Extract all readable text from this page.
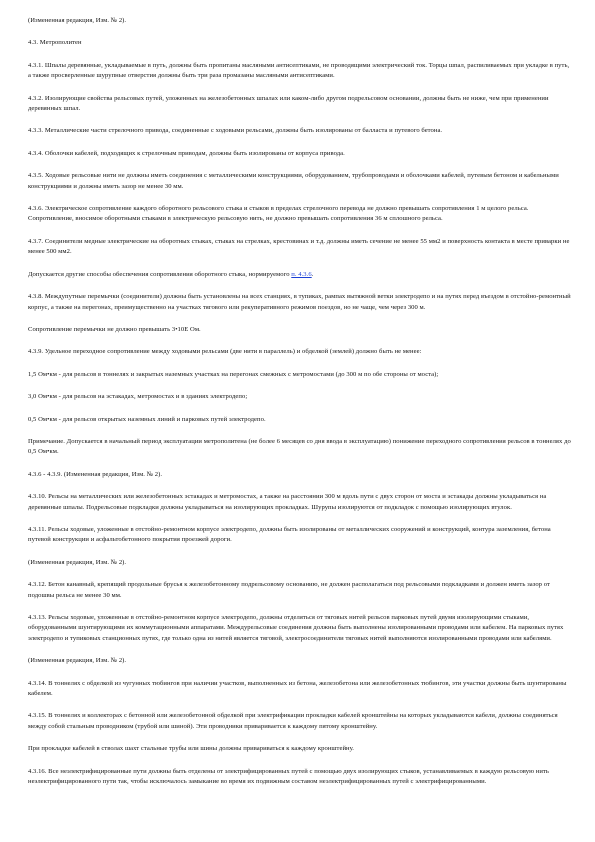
(Измененная редакция, Изм. № 2).

4.3. Метрополитен

4.3.1. Шпалы деревянные, укладываемые в путь, должны быть пропитаны масляными антисептиками, не проводящими электрический ток. Торцы шпал, распиливаемых при укладке в путь, а также просверленные шурупные отверстия должны быть три раза промазаны масляными антисептиками.

4.3.2. Изолирующие свойства рельсовых путей, уложенных на железобетонных шпалах или каком-либо другом подрельсовом основании, должны быть не ниже, чем при применении деревянных шпал.

4.3.3. Металлические части стрелочного привода, соединенные с ходовыми рельсами, должны быть изолированы от балласта и путевого бетона.

4.3.4. Оболочки кабелей, подходящих к стрелочным приводам, должны быть изолированы от корпуса привода.

4.3.5. Ходовые рельсовые нити не должны иметь соединения с металлическими конструкциями, оборудованием, трубопроводами и оболочками кабелей, путевым бетоном и кабельными конструкциями и должны иметь зазор не менее 30 мм.

4.3.6. Электрическое сопротивление каждого оборотного рельсового стыка и стыков в пределах стрелочного перевода не должно превышать сопротивления 1 м целого рельса. Сопротивление, вносимое оборотными стыками в электрическую рельсовую нить, не должно превышать сопротивления 36 м сплошного рельса.

4.3.7. Соединители медные электрические на оборотных стыках, стыках на стрелках, крестовинах и т.д. должны иметь сечение не менее 55 мм2 и поверхность контакта в месте приварки не менее 500 мм2.

Допускается другие способы обеспечения сопротивления оборотного стыка, нормируемого п. 4.3.6.

4.3.8. Междупутные перемычки (соединители) должны быть установлены на всех станциях, в тупиках, рампах вытяжной ветки электродепо и на путях перед въездом в отстойно-ремонтный корпус, а также на перегонах, преимущественно на участках тягового или рекуперативного режимов поездов, но не чаще, чем через 300 м.

Сопротивление перемычки не должно превышать 3•10Е Ом.

4.3.9. Удельное переходное сопротивление между ходовыми рельсами (две нити в параллель) и обделкой (землей) должно быть не менее:

1,5 Ом•км - для рельсов в тоннелях и закрытых наземных участках на перегонах смежных с метромостами (до 300 м по обе стороны от моста);

3,0 Ом•км - для рельсов на эстакадах, метромостах и в зданиях электродепо;

0,5 Ом•км - для рельсов открытых наземных линий и парковых путей электродепо.

Примечание. Допускается в начальный период эксплуатации метрополитена (не более 6 месяцев со дня ввода в эксплуатацию) понижение переходного сопротивления рельсов в тоннелях до 0,5 Ом•км.

4.3.6 - 4.3.9. (Измененная редакция, Изм. № 2).

4.3.10. Рельсы на металлических или железобетонных эстакадах и метромостах, а также на расстоянии 300 м вдоль пути с двух сторон от моста и эстакады должны укладываться на деревянные шпалы. Подрельсовые подкладки должны укладываться на изолирующих прокладках. Шурупы изолируются от подкладок с помощью изолирующих втулок.

4.3.11. Рельсы ходовые, уложенные в отстойно-ремонтном корпусе электродепо, должны быть изолированы от металлических сооружений и конструкций, контура заземления, бетона путевой конструкции и асфальтобетонного покрытия проезжей дороги.

(Измененная редакция, Изм. № 2).

4.3.12. Бетон канавный, крепящий продольные брусья к железобетонному подрельсовому основанию, не должен располагаться под рельсовыми подкладками и должен иметь зазор от подошвы рельса не менее 30 мм.

4.3.13. Рельсы ходовые, уложенные в отстойно-ремонтном корпусе электродепо, должны отделяться от тяговых нитей рельсов парковых путей двумя изолирующими стыками, оборудованными шунтирующими их коммутационными аппаратами. Междурельсовые соединения должны быть выполнены изолированными проводами или кабелем. На парковых путях электродепо и тупиковых станционных путях, где только одна из нитей является тяговой, электросоединители тяговых нитей выполняются изолированными проводами или кабелями.

(Измененная редакция, Изм. № 2).

4.3.14. В тоннелях с обделкой из чугунных тюбингов при наличии участков, выполненных из бетона, железобетона или железобетонных тюбингов, эти участки должны быть шунтированы кабелем.

4.3.15. В тоннелях и коллекторах с бетонной или железобетонной обделкой при электрификации прокладки кабелей кронштейны на которых укладываются кабели, должны соединяться между собой стальным проводником (трубой или шиной). Эти проводники приваривается к каждому пятому кронштейну.

При прокладке кабелей в стволах шахт стальные трубы или шины должны привариваться к каждому кронштейну.

4.3.16. Все неэлектрифицированные пути должны быть отделены от электрифицированных путей с помощью двух изолирующих стыков, устанавливаемых в каждую рельсовую нить неэлектрифицированного пути так, чтобы исключалось замыкание во время их подвижным составом неэлектрифицированных путей с электрифицированными.
